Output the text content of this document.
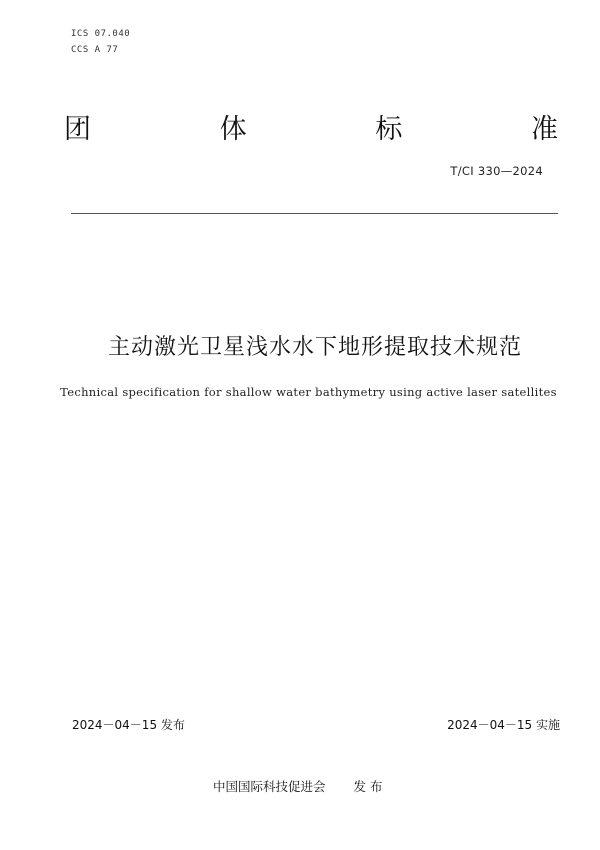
ICS 07.040
CCS A 77
团	体	标	准
T/CI 330—2024
主动激光卫星浅水水下地形提取技术规范
Technical specification for shallow water bathymetry using active laser satellites
2024－04－15 发布	2024－04－15 实施
中国国际科技促进会 发 布
